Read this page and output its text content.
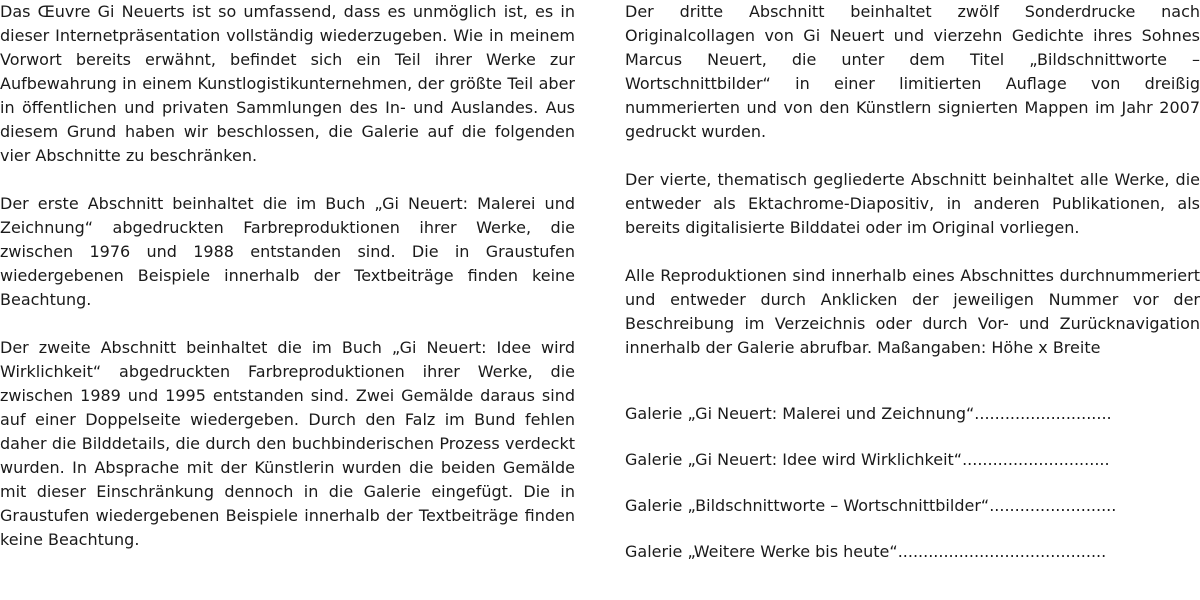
Das Œuvre Gi Neuerts ist so umfassend, dass es unmöglich ist, es in dieser Internetpräsentation vollständig wiederzugeben. Wie in meinem Vorwort bereits erwähnt, befindet sich ein Teil ihrer Werke zur Aufbewahrung in einem Kunstlogistikunternehmen, der größte Teil aber in öffentlichen und privaten Sammlungen des In- und Auslandes. Aus diesem Grund haben wir beschlossen, die Galerie auf die folgenden vier Abschnitte zu beschränken.

Der erste Abschnitt beinhaltet die im Buch „Gi Neuert: Malerei und Zeichnung“ abgedruckten Farbreproduktionen ihrer Werke, die zwischen 1976 und 1988 entstanden sind. Die in Graustufen wiedergebenen Beispiele innerhalb der Textbeiträge finden keine Beachtung.

Der zweite Abschnitt beinhaltet die im Buch „Gi Neuert: Idee wird Wirklichkeit“ abgedruckten Farbreproduktionen ihrer Werke, die zwischen 1989 und 1995 entstanden sind. Zwei Gemälde daraus sind auf einer Doppelseite wiedergeben. Durch den Falz im Bund fehlen daher die Bilddetails, die durch den buchbinderischen Prozess verdeckt wurden. In Absprache mit der Künstlerin wurden die beiden Gemälde mit dieser Einschränkung dennoch in die Galerie eingefügt. Die in Graustufen wiedergebenen Beispiele innerhalb der Textbeiträge finden keine Beachtung.

Der dritte Abschnitt beinhaltet zwölf Sonderdrucke nach Originalcollagen von Gi Neuert und vierzehn Gedichte ihres Sohnes Marcus Neuert, die unter dem Titel „Bildschnittworte – Wortschnittbilder“ in einer limitierten Auflage von dreißig nummerierten und von den Künstlern signierten Mappen im Jahr 2007 gedruckt wurden.

Der vierte, thematisch gegliederte Abschnitt beinhaltet alle Werke, die entweder als Ektachrome-Diapositiv, in anderen Publikationen, als bereits digitalisierte Bilddatei oder im Original vorliegen.

Alle Reproduktionen sind innerhalb eines Abschnittes durchnummeriert und entweder durch Anklicken der jeweiligen Nummer vor der Beschreibung im Verzeichnis oder durch Vor- und Zurücknavigation innerhalb der Galerie abrufbar. Maßangaben: Höhe x Breite

Galerie „Gi Neuert: Malerei und Zeichnung“ ...........................
Galerie „Gi Neuert: Idee wird Wirklichkeit“ .............................
Galerie „Bildschnittworte – Wortschnittbilder“ .........................
Galerie „Weitere Werke bis heute“ .........................................
